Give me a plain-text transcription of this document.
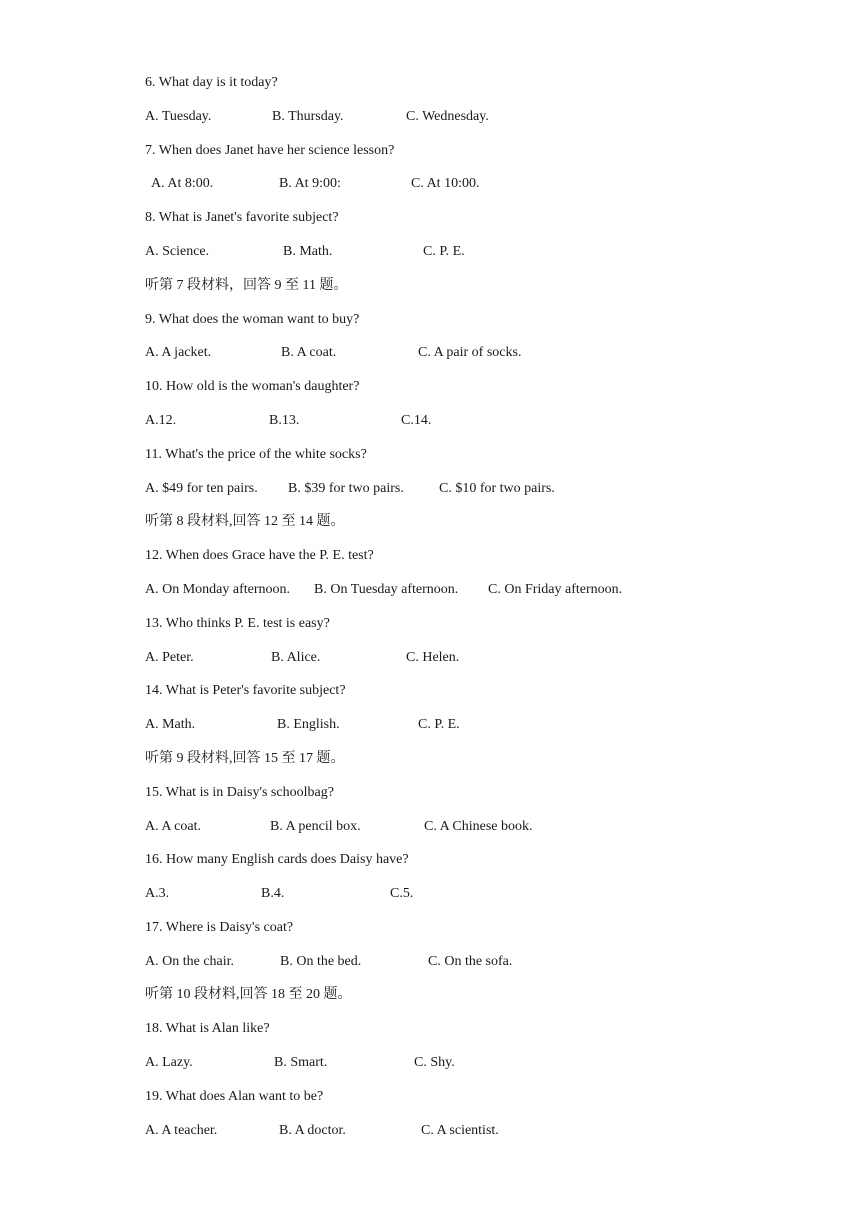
6. What day is it today?
A. Tuesday.	B. Thursday.	C. Wednesday.
7. When does Janet have her science lesson?
A. At 8:00.	B. At 9:00:	C. At 10:00.
8. What is Janet's favorite subject?
A. Science.	B. Math.	C. P. E.
听第 7 段材料，回答 9 至 11 题。
9. What does the woman want to buy?
A. A jacket.	B. A coat.	C. A pair of socks.
10. How old is the woman's daughter?
A.12.	B.13.	C.14.
11. What's the price of the white socks?
A. $49 for ten pairs. B. $39 for two pairs.	C. $10 for two pairs.
听第 8 段材料,回答 12 至 14 题。
12. When does Grace have the P. E. test?
A. On Monday afternoon. B. On Tuesday afternoon. C. On Friday afternoon.
13. Who thinks P. E. test is easy?
A. Peter.	B. Alice.	C. Helen.
14. What is Peter's favorite subject?
A. Math.	B. English.	C. P. E.
听第 9 段材料,回答 15 至 17 题。
15. What is in Daisy's schoolbag?
A. A coat.	B. A pencil box.	C. A Chinese book.
16. How many English cards does Daisy have?
A.3.	B.4.	C.5.
17. Where is Daisy's coat?
A. On the chair.	B. On the bed.	C. On the sofa.
听第 10 段材料,回答 18 至 20 题。
18. What is Alan like?
A. Lazy.	B. Smart.	C. Shy.
19. What does Alan want to be?
A. A teacher.	B. A doctor.	C. A scientist.
